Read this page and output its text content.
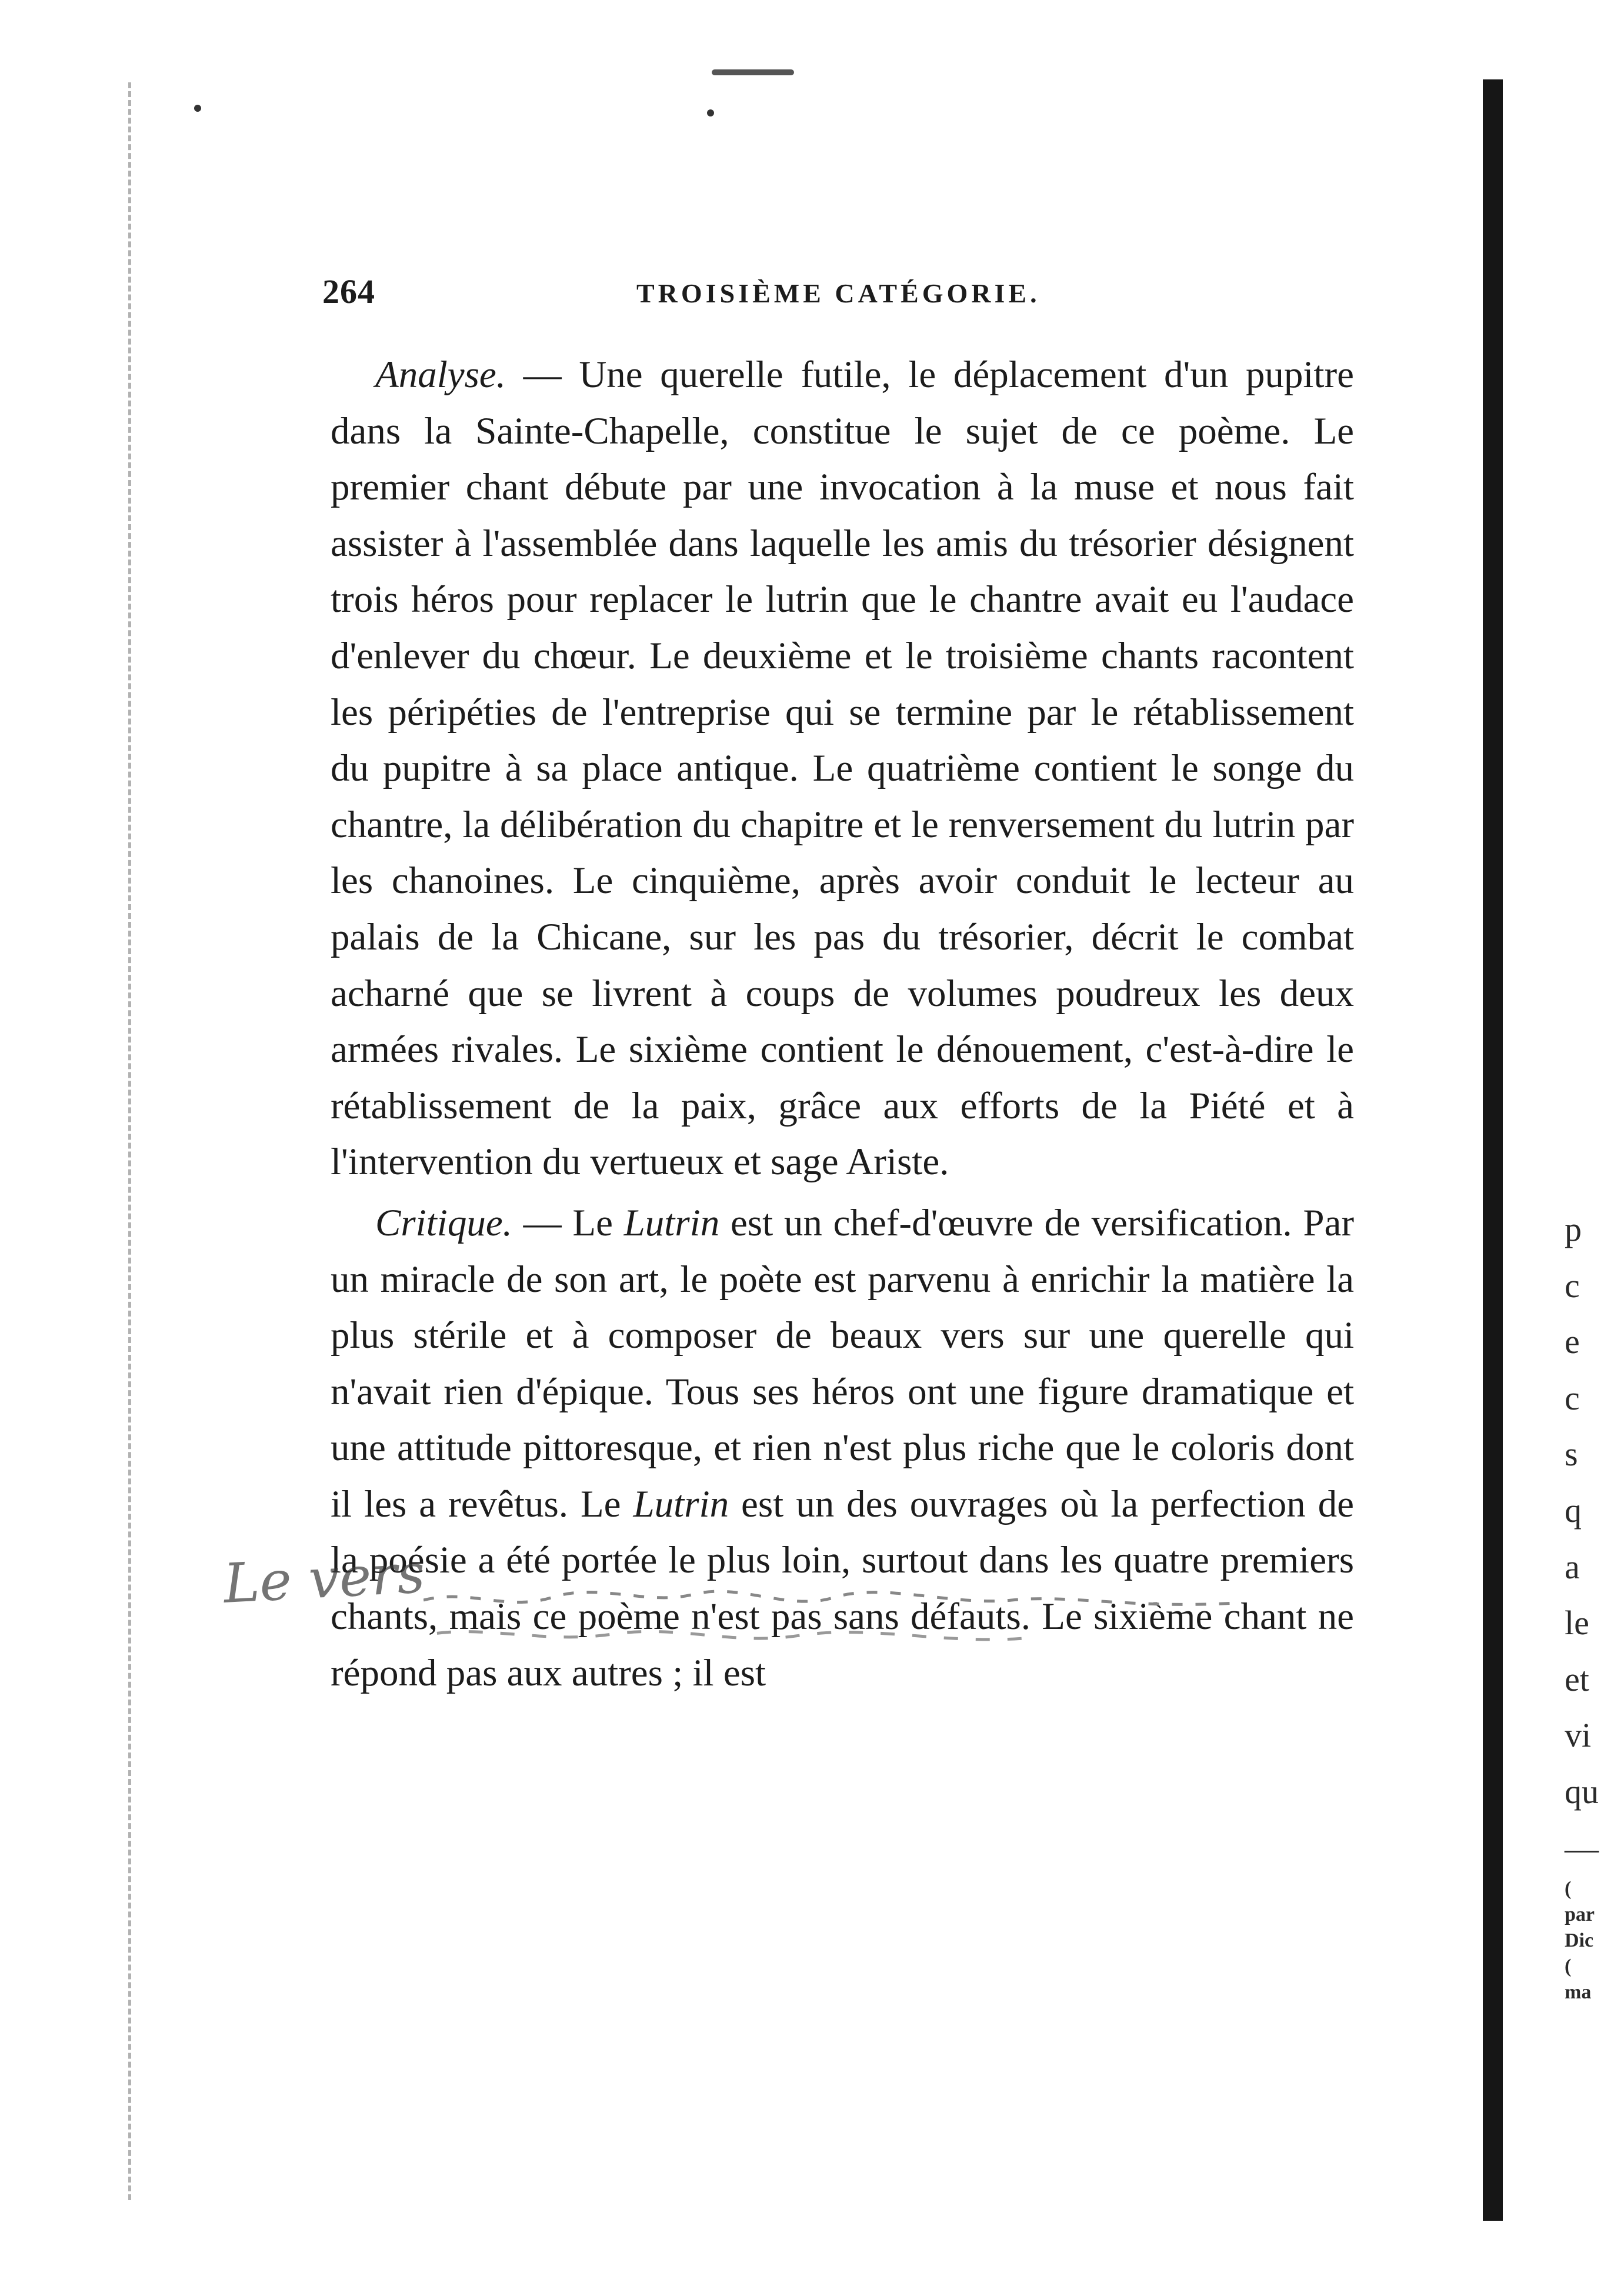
264	TROISIÈME CATÉGORIE.

Analyse. — Une querelle futile, le déplacement d'un pupitre dans la Sainte-Chapelle, constitue le sujet de ce poème. Le premier chant débute par une invocation à la muse et nous fait assister à l'assemblée dans laquelle les amis du trésorier désignent trois héros pour replacer le lutrin que le chantre avait eu l'audace d'enlever du chœur. Le deuxième et le troisième chants racontent les péripéties de l'entreprise qui se termine par le rétablissement du pupitre à sa place antique. Le quatrième contient le songe du chantre, la délibération du chapitre et le renversement du lutrin par les chanoines. Le cinquième, après avoir conduit le lecteur au palais de la Chicane, sur les pas du trésorier, décrit le combat acharné que se livrent à coups de volumes poudreux les deux armées rivales. Le sixième contient le dénouement, c'est-à-dire le rétablissement de la paix, grâce aux efforts de la Piété et à l'intervention du vertueux et sage Ariste.

Critique. — Le Lutrin est un chef-d'œuvre de versification. Par un miracle de son art, le poète est parvenu à enrichir la matière la plus stérile et à composer de beaux vers sur une querelle qui n'avait rien d'épique. Tous ses héros ont une figure dramatique et une attitude pittoresque, et rien n'est plus riche que le coloris dont il les a revêtus. Le Lutrin est un des ouvrages où la perfection de la poésie a été portée le plus loin, surtout dans les quatre premiers chants, mais ce poème n'est pas sans défauts. Le sixième chant ne répond pas aux autres ; il est

p
c
e
c
s
q
a
le
et
vi
qu
—
(
par
Dic
(
ma
Le vers
